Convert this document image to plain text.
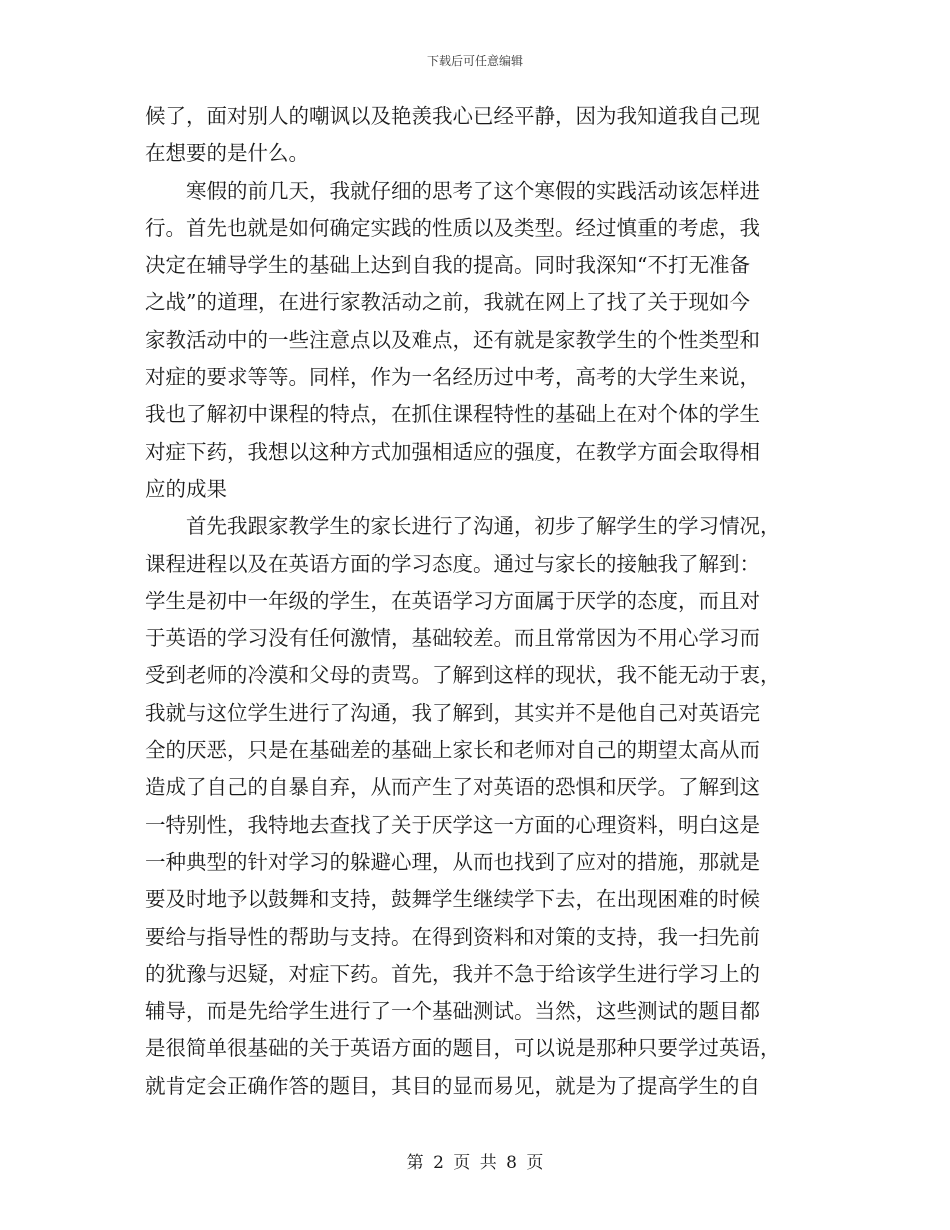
下载后可任意编辑
候了，面对别人的嘲讽以及艳羡我心已经平静，因为我知道我自己现
在想要的是什么。
寒假的前几天，我就仔细的思考了这个寒假的实践活动该怎样进
行。首先也就是如何确定实践的性质以及类型。经过慎重的考虑，我
决定在辅导学生的基础上达到自我的提高。同时我深知“不打无准备
之战”的道理，在进行家教活动之前，我就在网上了找了关于现如今
家教活动中的一些注意点以及难点，还有就是家教学生的个性类型和
对症的要求等等。同样，作为一名经历过中考，高考的大学生来说，
我也了解初中课程的特点，在抓住课程特性的基础上在对个体的学生
对症下药，我想以这种方式加强相适应的强度，在教学方面会取得相
应的成果
首先我跟家教学生的家长进行了沟通，初步了解学生的学习情况，
课程进程以及在英语方面的学习态度。通过与家长的接触我了解到：
学生是初中一年级的学生，在英语学习方面属于厌学的态度，而且对
于英语的学习没有任何激情，基础较差。而且常常因为不用心学习而
受到老师的冷漠和父母的责骂。了解到这样的现状，我不能无动于衷，
我就与这位学生进行了沟通，我了解到，其实并不是他自己对英语完
全的厌恶，只是在基础差的基础上家长和老师对自己的期望太高从而
造成了自己的自暴自弃，从而产生了对英语的恐惧和厌学。了解到这
一特别性，我特地去查找了关于厌学这一方面的心理资料，明白这是
一种典型的针对学习的躲避心理，从而也找到了应对的措施，那就是
要及时地予以鼓舞和支持，鼓舞学生继续学下去，在出现困难的时候
要给与指导性的帮助与支持。在得到资料和对策的支持，我一扫先前
的犹豫与迟疑，对症下药。首先，我并不急于给该学生进行学习上的
辅导，而是先给学生进行了一个基础测试。当然，这些测试的题目都
是很简单很基础的关于英语方面的题目，可以说是那种只要学过英语，
就肯定会正确作答的题目，其目的显而易见，就是为了提高学生的自
第 2 页 共 8 页
